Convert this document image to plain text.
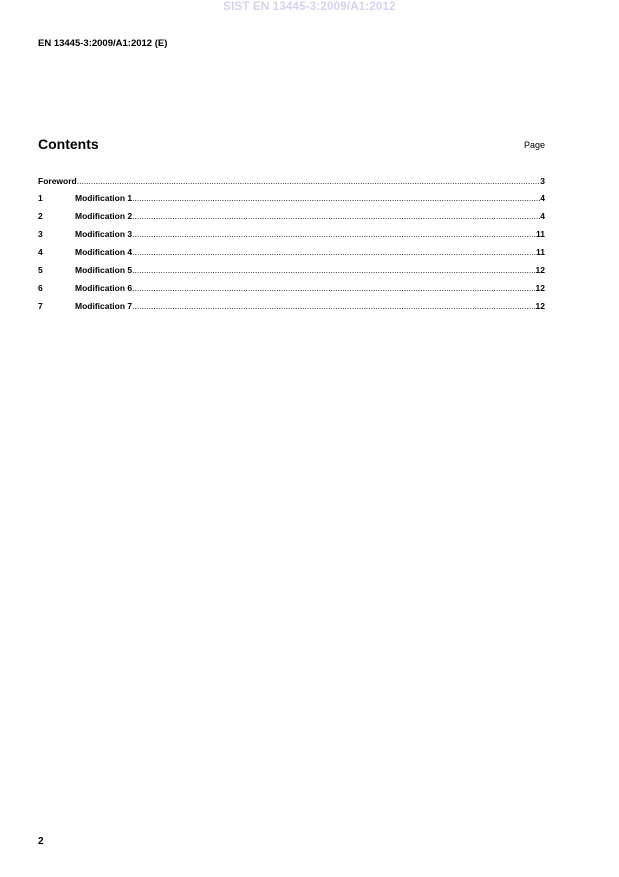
SIST EN 13445-3:2009/A1:2012
EN 13445-3:2009/A1:2012 (E)
Contents	Page
Foreword .....	3
1	Modification 1 .....	4
2	Modification 2 .....	4
3	Modification 3 .....	11
4	Modification 4 .....	11
5	Modification 5 .....	12
6	Modification 6 .....	12
7	Modification 7 .....	12
2
